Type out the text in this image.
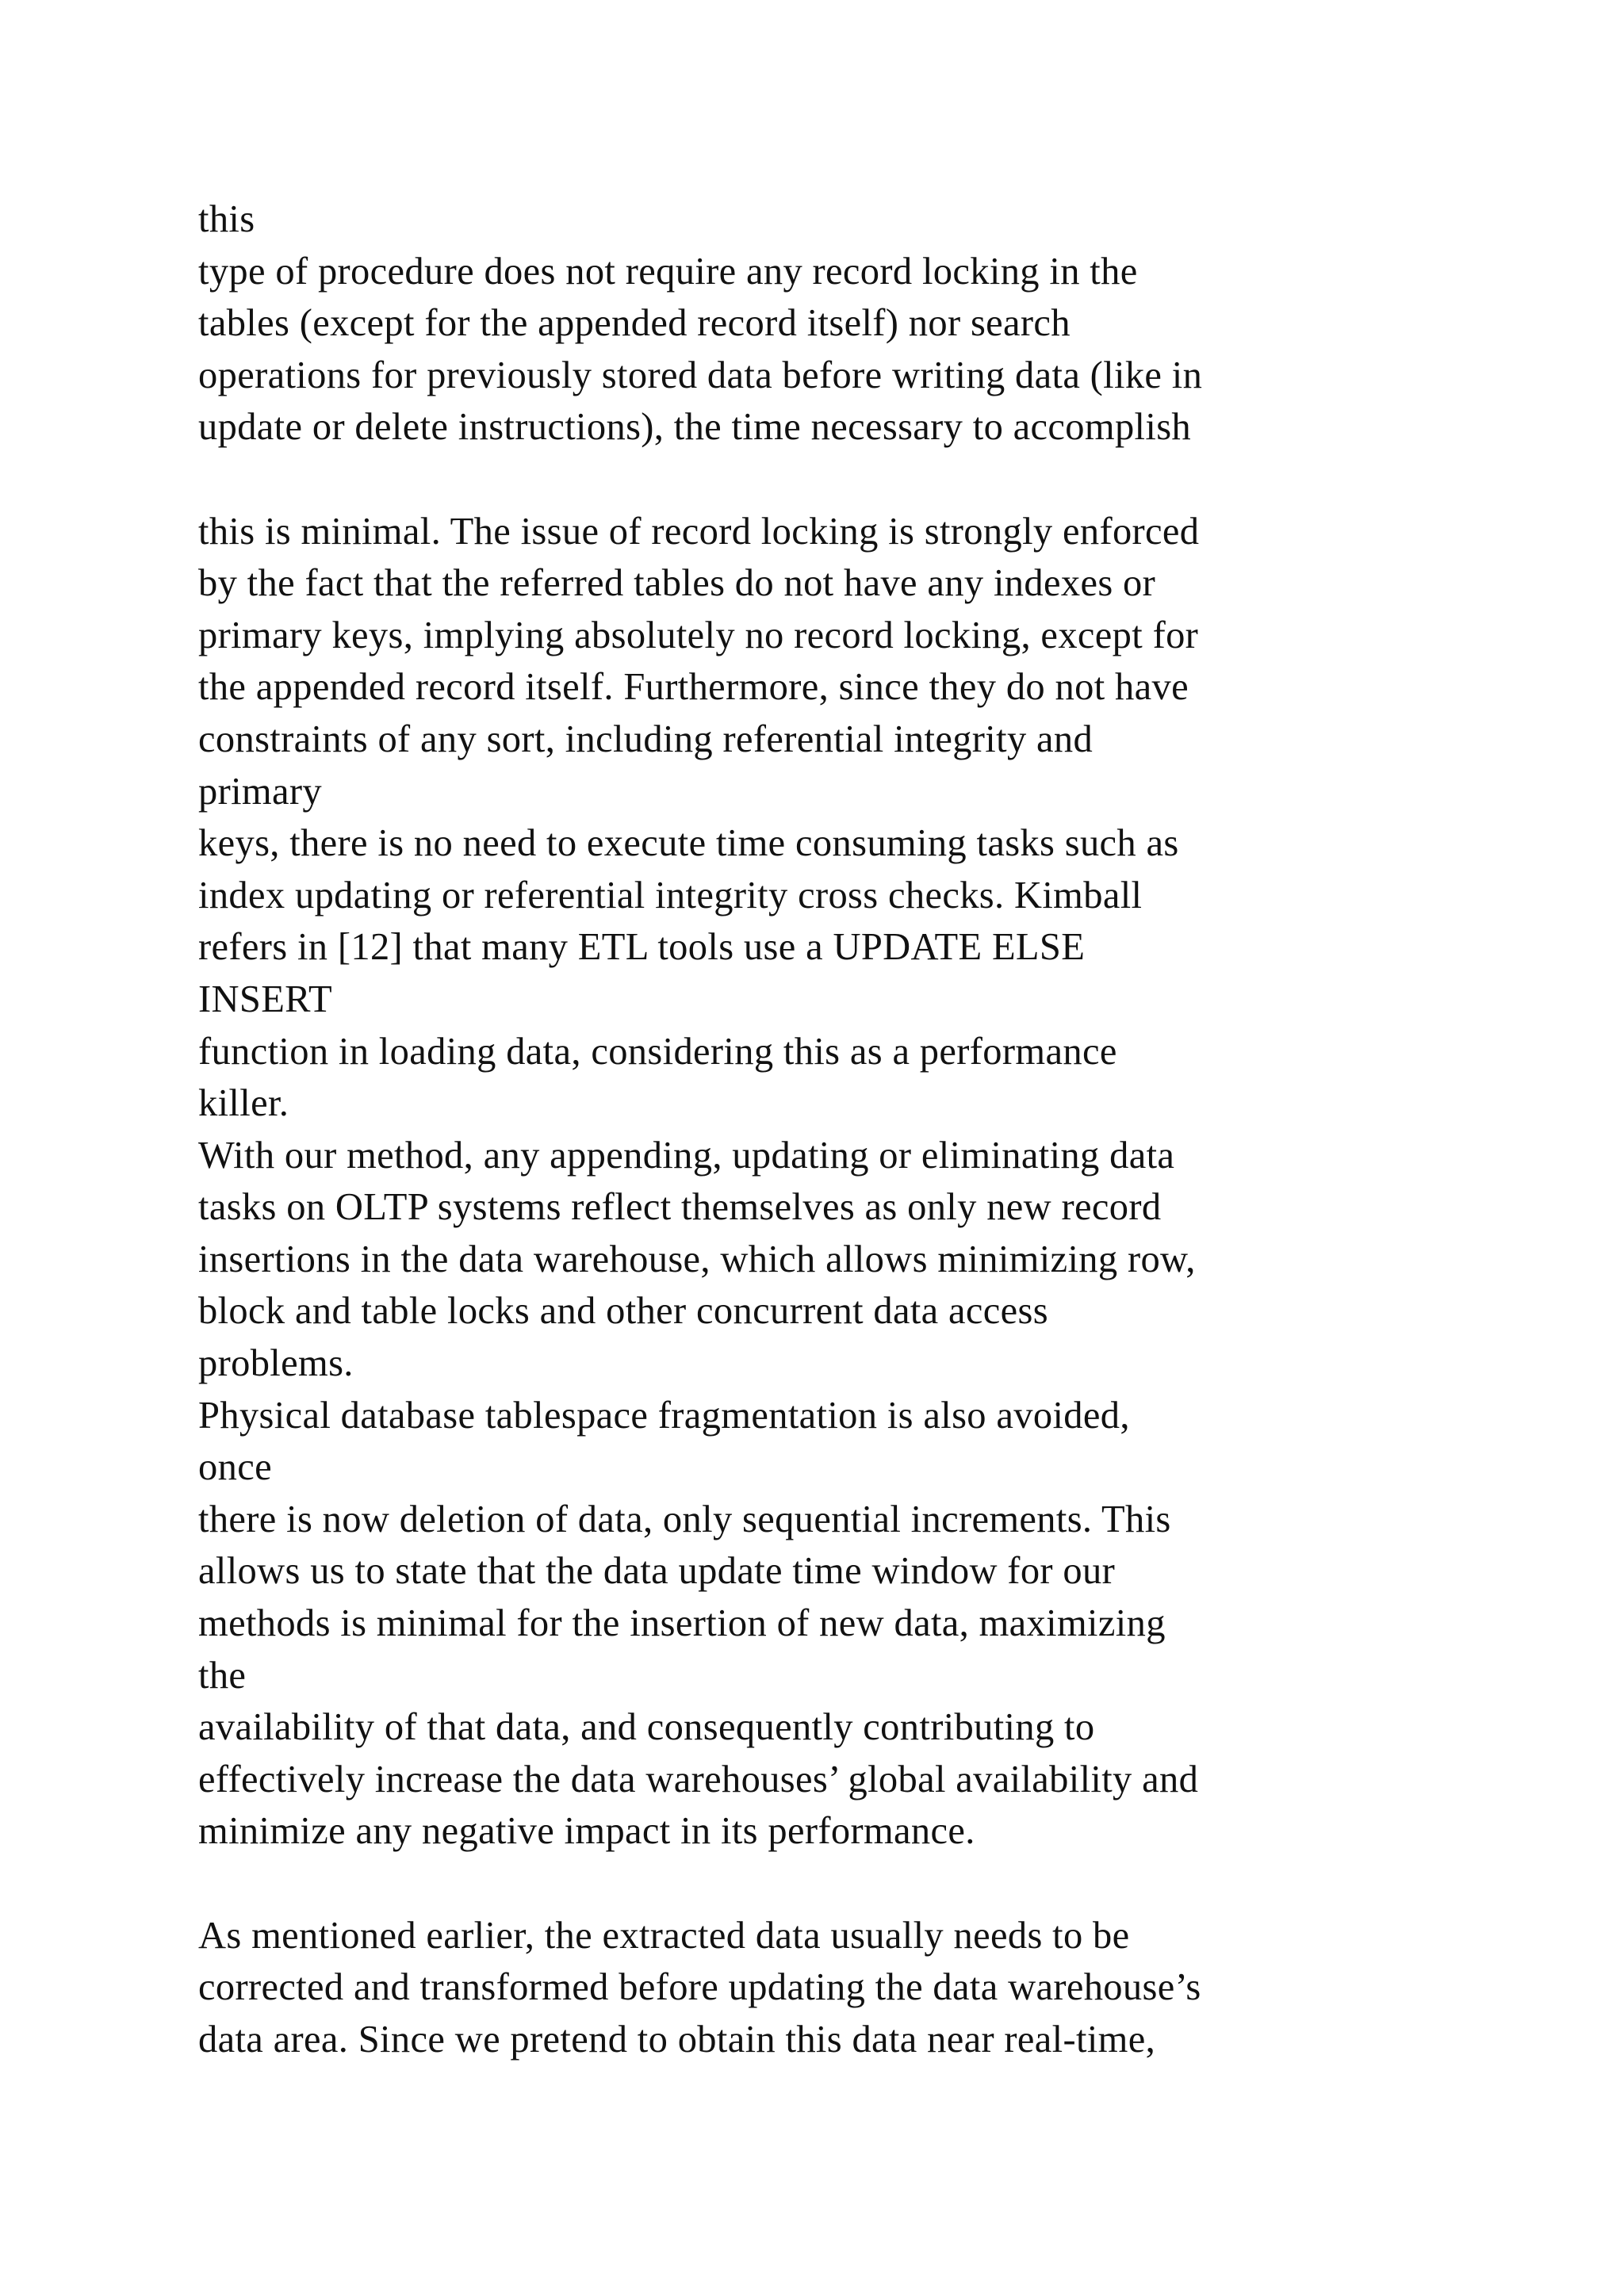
this
type of procedure does not require any record locking in the
tables (except for the appended record itself) nor search
operations for previously stored data before writing data (like in
update or delete instructions), the time necessary to accomplish
this is minimal. The issue of record locking is strongly enforced
by the fact that the referred tables do not have any indexes or
primary keys, implying absolutely no record locking, except for
the appended record itself. Furthermore, since they do not have
constraints of any sort, including referential integrity and
primary
keys, there is no need to execute time consuming tasks such as
index updating or referential integrity cross checks. Kimball
refers in [12] that many ETL tools use a UPDATE ELSE
INSERT
function in loading data, considering this as a performance
killer.
With our method, any appending, updating or eliminating data
tasks on OLTP systems reflect themselves as only new record
insertions in the data warehouse, which allows minimizing row,
block and table locks and other concurrent data access
problems.
Physical database tablespace fragmentation is also avoided,
once
there is now deletion of data, only sequential increments. This
allows us to state that the data update time window for our
methods is minimal for the insertion of new data, maximizing
the
availability of that data, and consequently contributing to
effectively increase the data warehouses’ global availability and
minimize any negative impact in its performance.
As mentioned earlier, the extracted data usually needs to be
corrected and transformed before updating the data warehouse’s
data area. Since we pretend to obtain this data near real-time,
